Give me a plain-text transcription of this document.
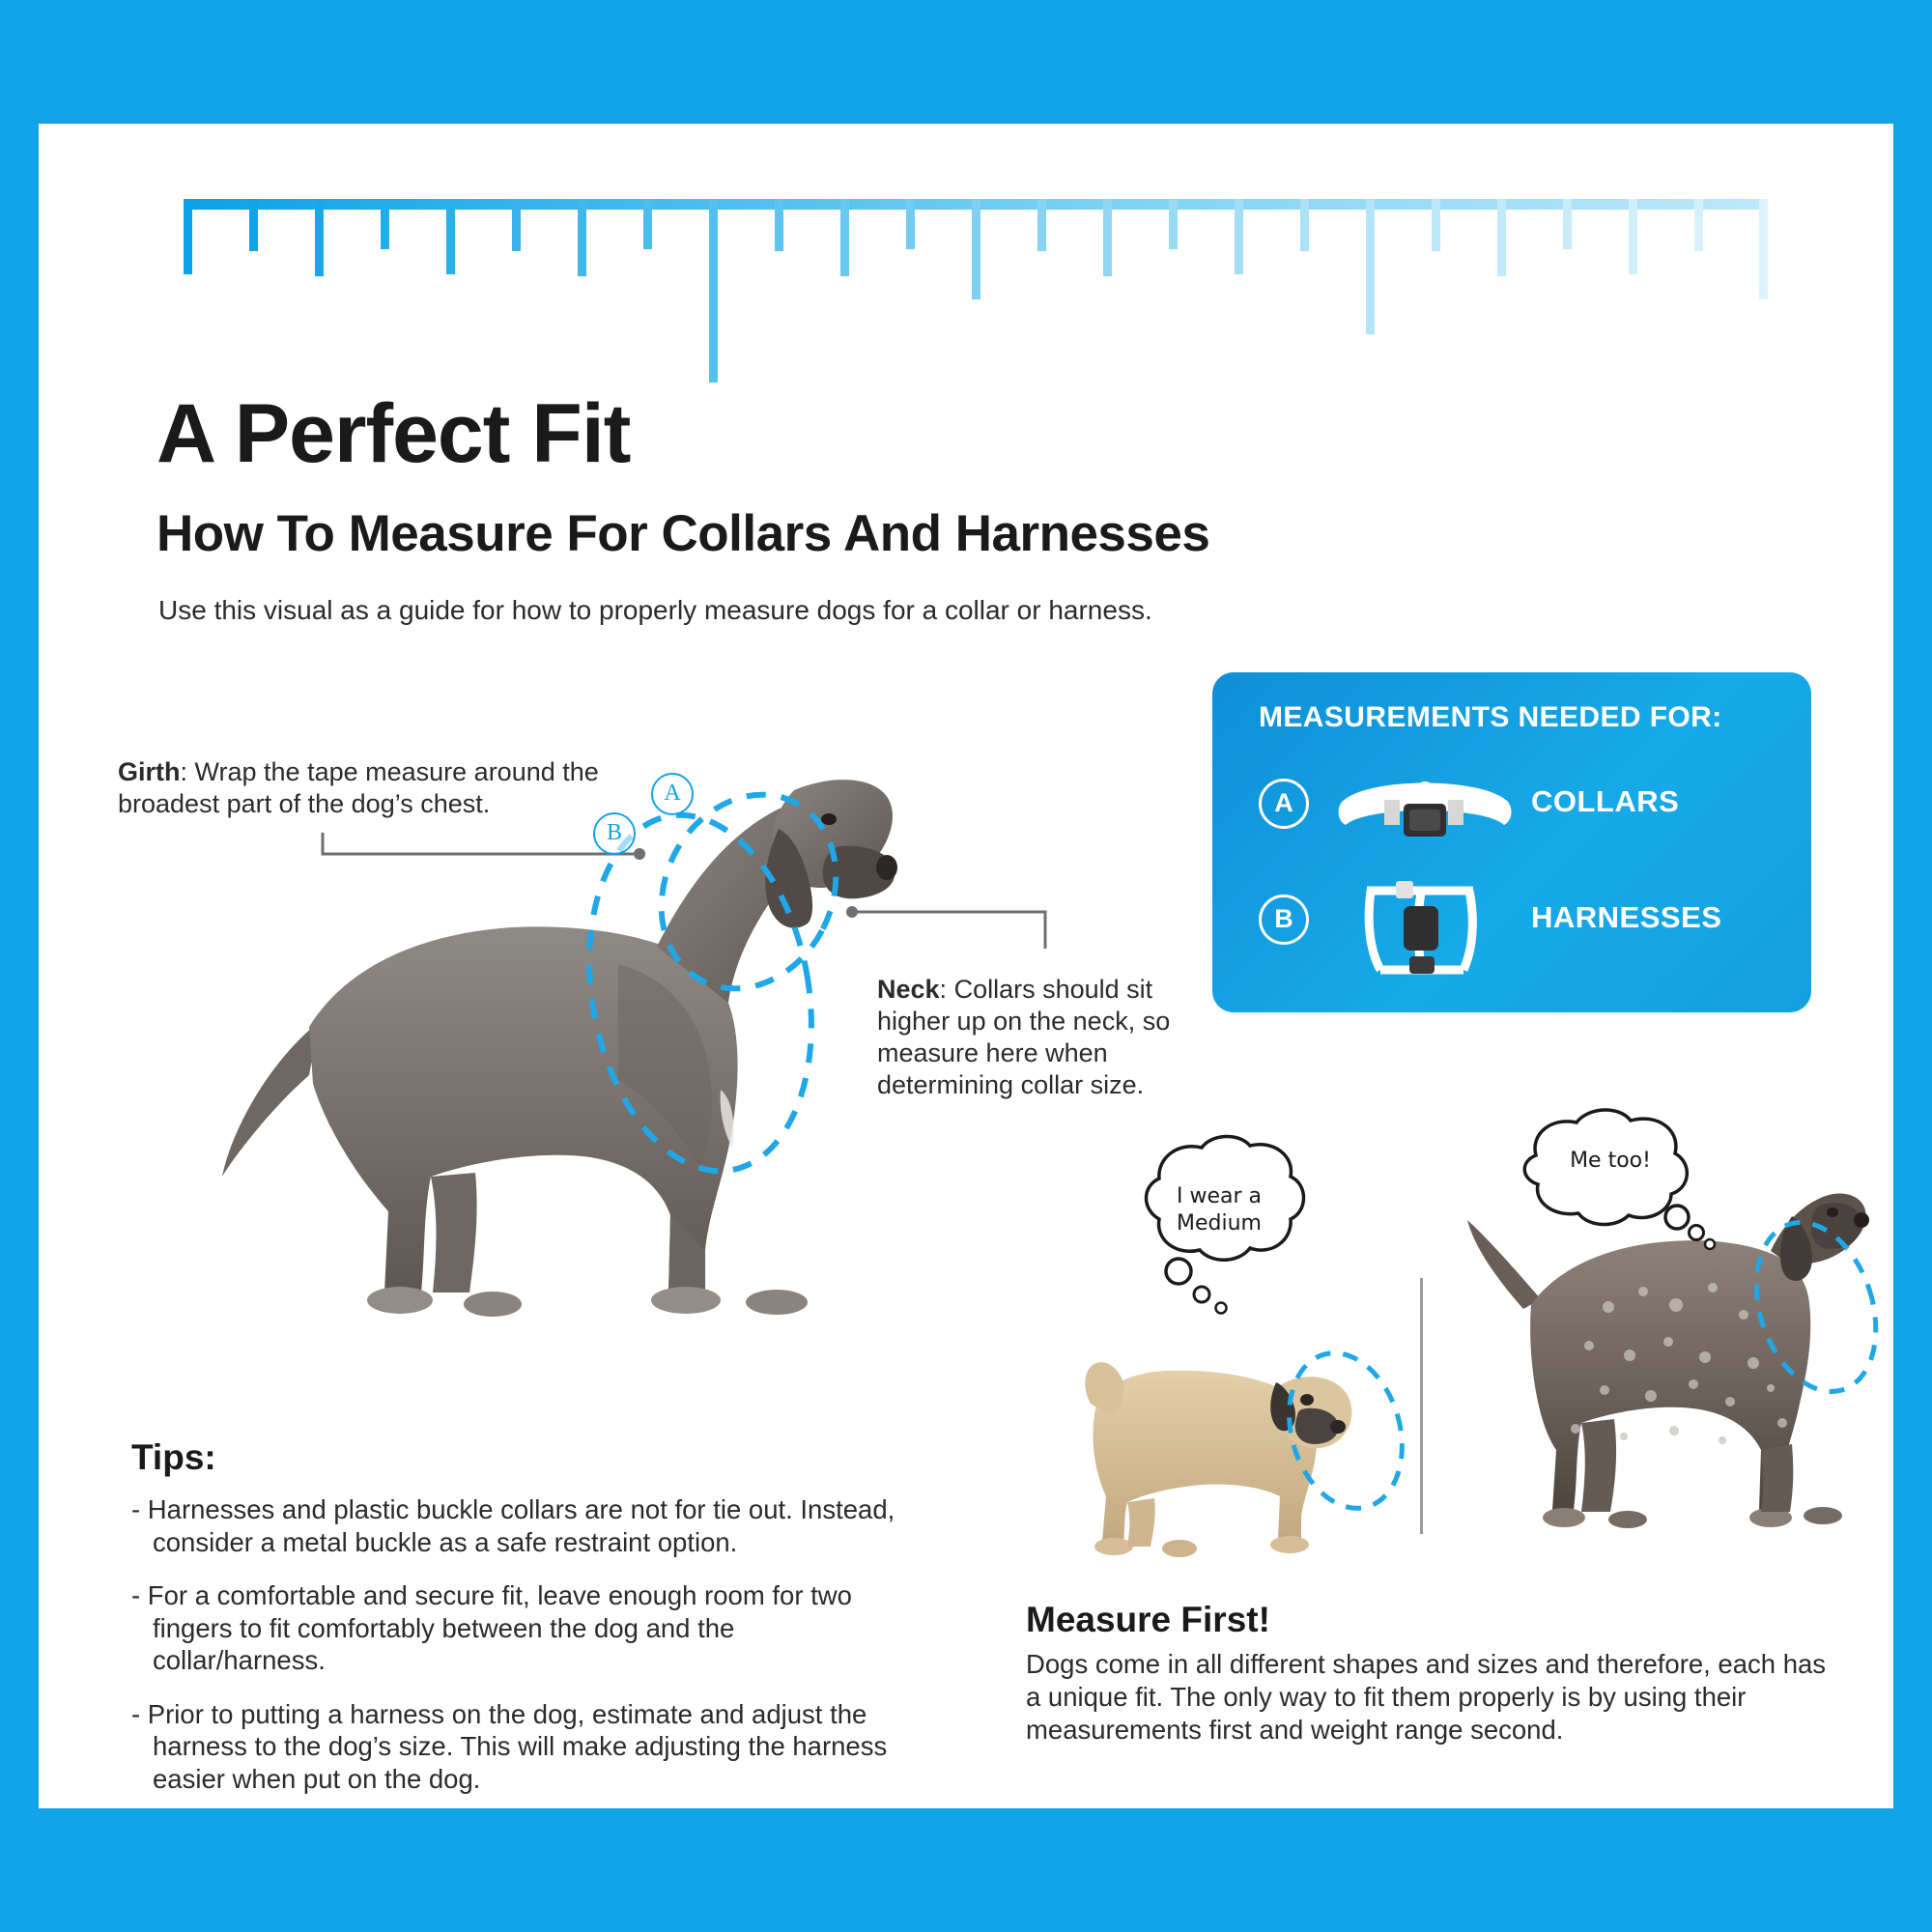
A Perfect Fit
How To Measure For Collars And Harnesses
Use this visual as a guide for how to properly measure dogs for a collar or harness.
A
B
Girth: Wrap the tape measure around the broadest part of the dog’s chest.
Neck: Collars should sit higher up on the neck, so measure here when determining collar size.
MEASUREMENTS NEEDED FOR:
A	COLLARS
B	HARNESSES
I wear a
Medium
Me too!
Tips:
- Harnesses and plastic buckle collars are not for tie out. Instead, consider a metal buckle as a safe restraint option.
- For a comfortable and secure fit, leave enough room for two fingers to fit comfortably between the dog and the collar/harness.
- Prior to putting a harness on the dog, estimate and adjust the harness to the dog’s size. This will make adjusting the harness easier when put on the dog.
Measure First!
Dogs come in all different shapes and sizes and therefore, each has a unique fit. The only way to fit them properly is by using their measurements first and weight range second.
